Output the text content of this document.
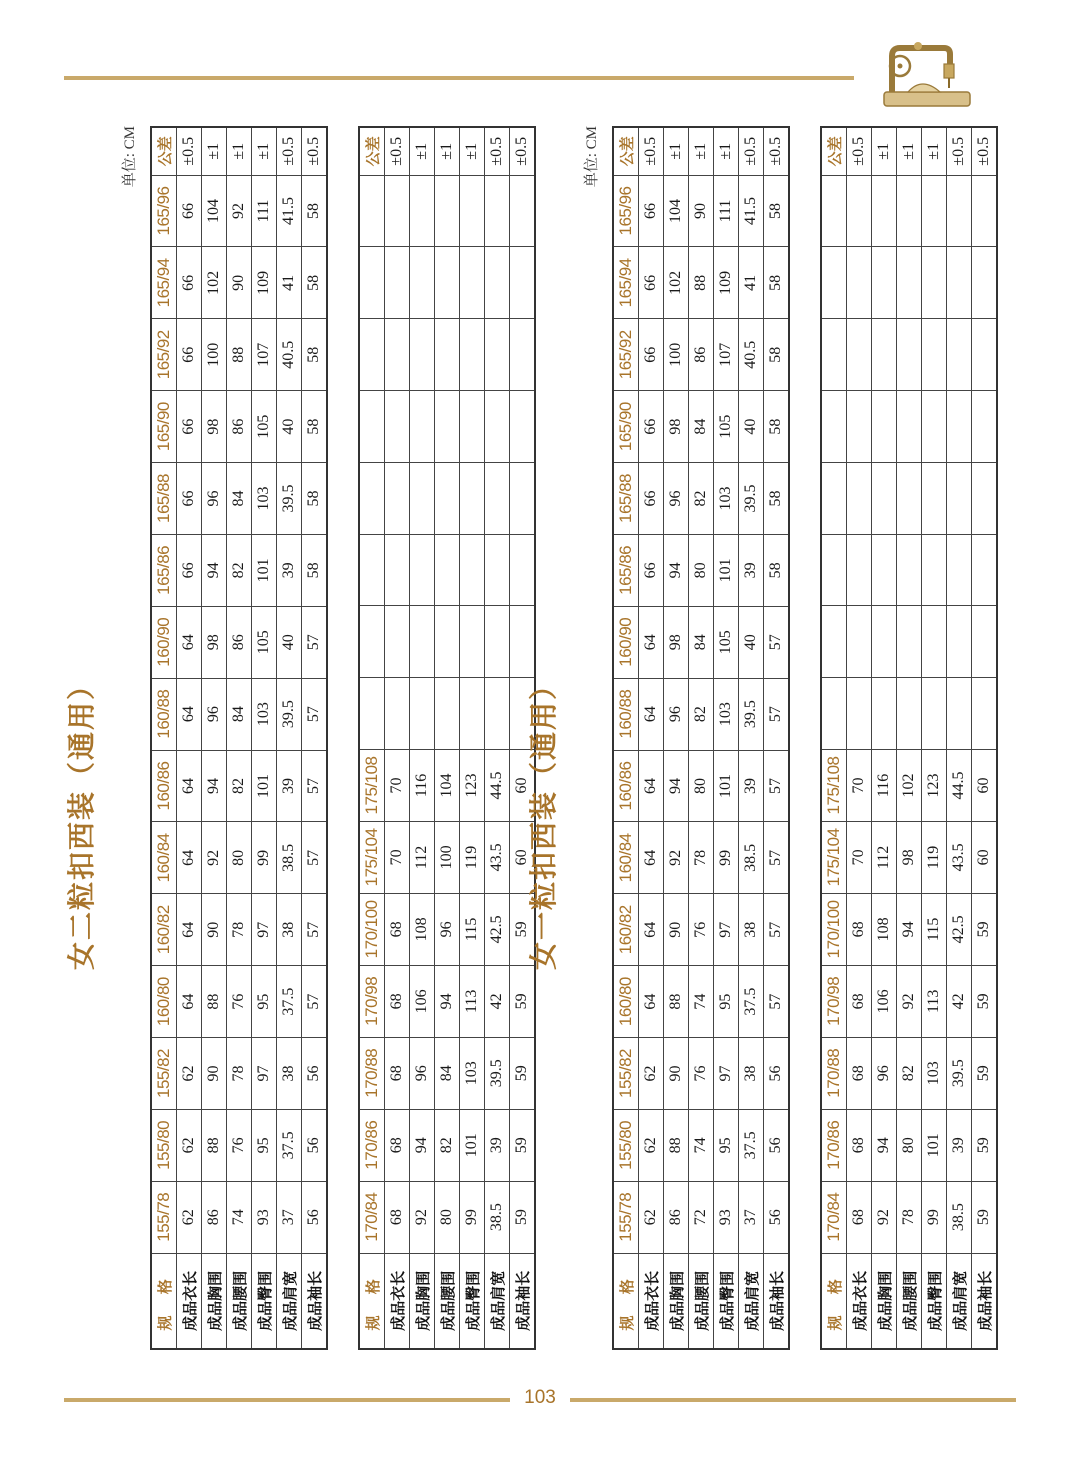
女二粒扣西装（通用）
单位: CM
规 格	155/78	155/80	155/82	160/80	160/82	160/84	160/86	160/88	160/90	165/86	165/88	165/90	165/92	165/94	165/96	公差
成品衣长	62	62	62	64	64	64	64	64	64	66	66	66	66	66	66	±0.5
成品胸围	86	88	90	88	90	92	94	96	98	94	96	98	100	102	104	±1
成品腰围	74	76	78	76	78	80	82	84	86	82	84	86	88	90	92	±1
成品臀围	93	95	97	95	97	99	101	103	105	101	103	105	107	109	111	±1
成品肩宽	37	37.5	38	37.5	38	38.5	39	39.5	40	39	39.5	40	40.5	41	41.5	±0.5
成品袖长	56	56	56	57	57	57	57	57	57	58	58	58	58	58	58	±0.5
规 格	170/84	170/86	170/88	170/98	170/100	175/104	175/108									公差
成品衣长	68	68	68	68	68	70	70									±0.5
成品胸围	92	94	96	106	108	112	116									±1
成品腰围	80	82	84	94	96	100	104									±1
成品臀围	99	101	103	113	115	119	123									±1
成品肩宽	38.5	39	39.5	42	42.5	43.5	44.5									±0.5
成品袖长	59	59	59	59	59	60	60									±0.5
女一粒扣西装（通用）
单位: CM
规 格	155/78	155/80	155/82	160/80	160/82	160/84	160/86	160/88	160/90	165/86	165/88	165/90	165/92	165/94	165/96	公差
成品衣长	62	62	62	64	64	64	64	64	64	66	66	66	66	66	66	±0.5
成品胸围	86	88	90	88	90	92	94	96	98	94	96	98	100	102	104	±1
成品腰围	72	74	76	74	76	78	80	82	84	80	82	84	86	88	90	±1
成品臀围	93	95	97	95	97	99	101	103	105	101	103	105	107	109	111	±1
成品肩宽	37	37.5	38	37.5	38	38.5	39	39.5	40	39	39.5	40	40.5	41	41.5	±0.5
成品袖长	56	56	56	57	57	57	57	57	57	58	58	58	58	58	58	±0.5
规 格	170/84	170/86	170/88	170/98	170/100	175/104	175/108									公差
成品衣长	68	68	68	68	68	70	70									±0.5
成品胸围	92	94	96	106	108	112	116									±1
成品腰围	78	80	82	92	94	98	102									±1
成品臀围	99	101	103	113	115	119	123									±1
成品肩宽	38.5	39	39.5	42	42.5	43.5	44.5									±0.5
成品袖长	59	59	59	59	59	60	60									±0.5
103
